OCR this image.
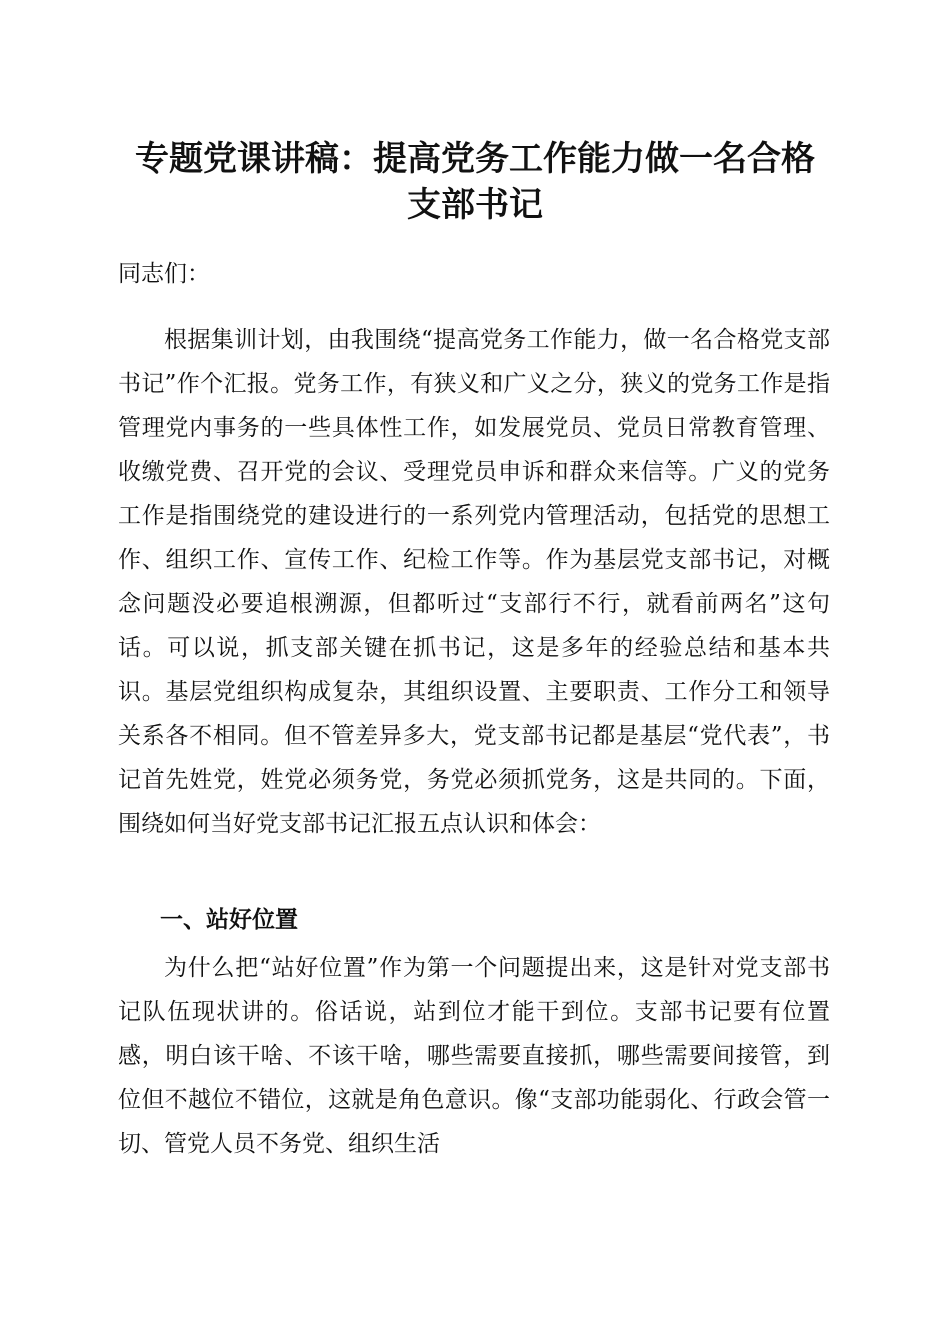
专题党课讲稿：提高党务工作能力做一名合格
支部书记

同志们：

根据集训计划，由我围绕“提高党务工作能力，做一名合格党支部书记”作个汇报。党务工作，有狭义和广义之分，狭义的党务工作是指管理党内事务的一些具体性工作，如发展党员、党员日常教育管理、收缴党费、召开党的会议、受理党员申诉和群众来信等。广义的党务工作是指围绕党的建设进行的一系列党内管理活动，包括党的思想工作、组织工作、宣传工作、纪检工作等。作为基层党支部书记，对概念问题没必要追根溯源，但都听过“支部行不行，就看前两名”这句话。可以说，抓支部关键在抓书记，这是多年的经验总结和基本共识。基层党组织构成复杂，其组织设置、主要职责、工作分工和领导关系各不相同。但不管差异多大，党支部书记都是基层“党代表”，书记首先姓党，姓党必须务党，务党必须抓党务，这是共同的。下面，围绕如何当好党支部书记汇报五点认识和体会：

一、站好位置

为什么把“站好位置”作为第一个问题提出来，这是针对党支部书记队伍现状讲的。俗话说，站到位才能干到位。支部书记要有位置感，明白该干啥、不该干啥，哪些需要直接抓，哪些需要间接管，到位但不越位不错位，这就是角色意识。像“支部功能弱化、行政会管一切、管党人员不务党、组织生活
